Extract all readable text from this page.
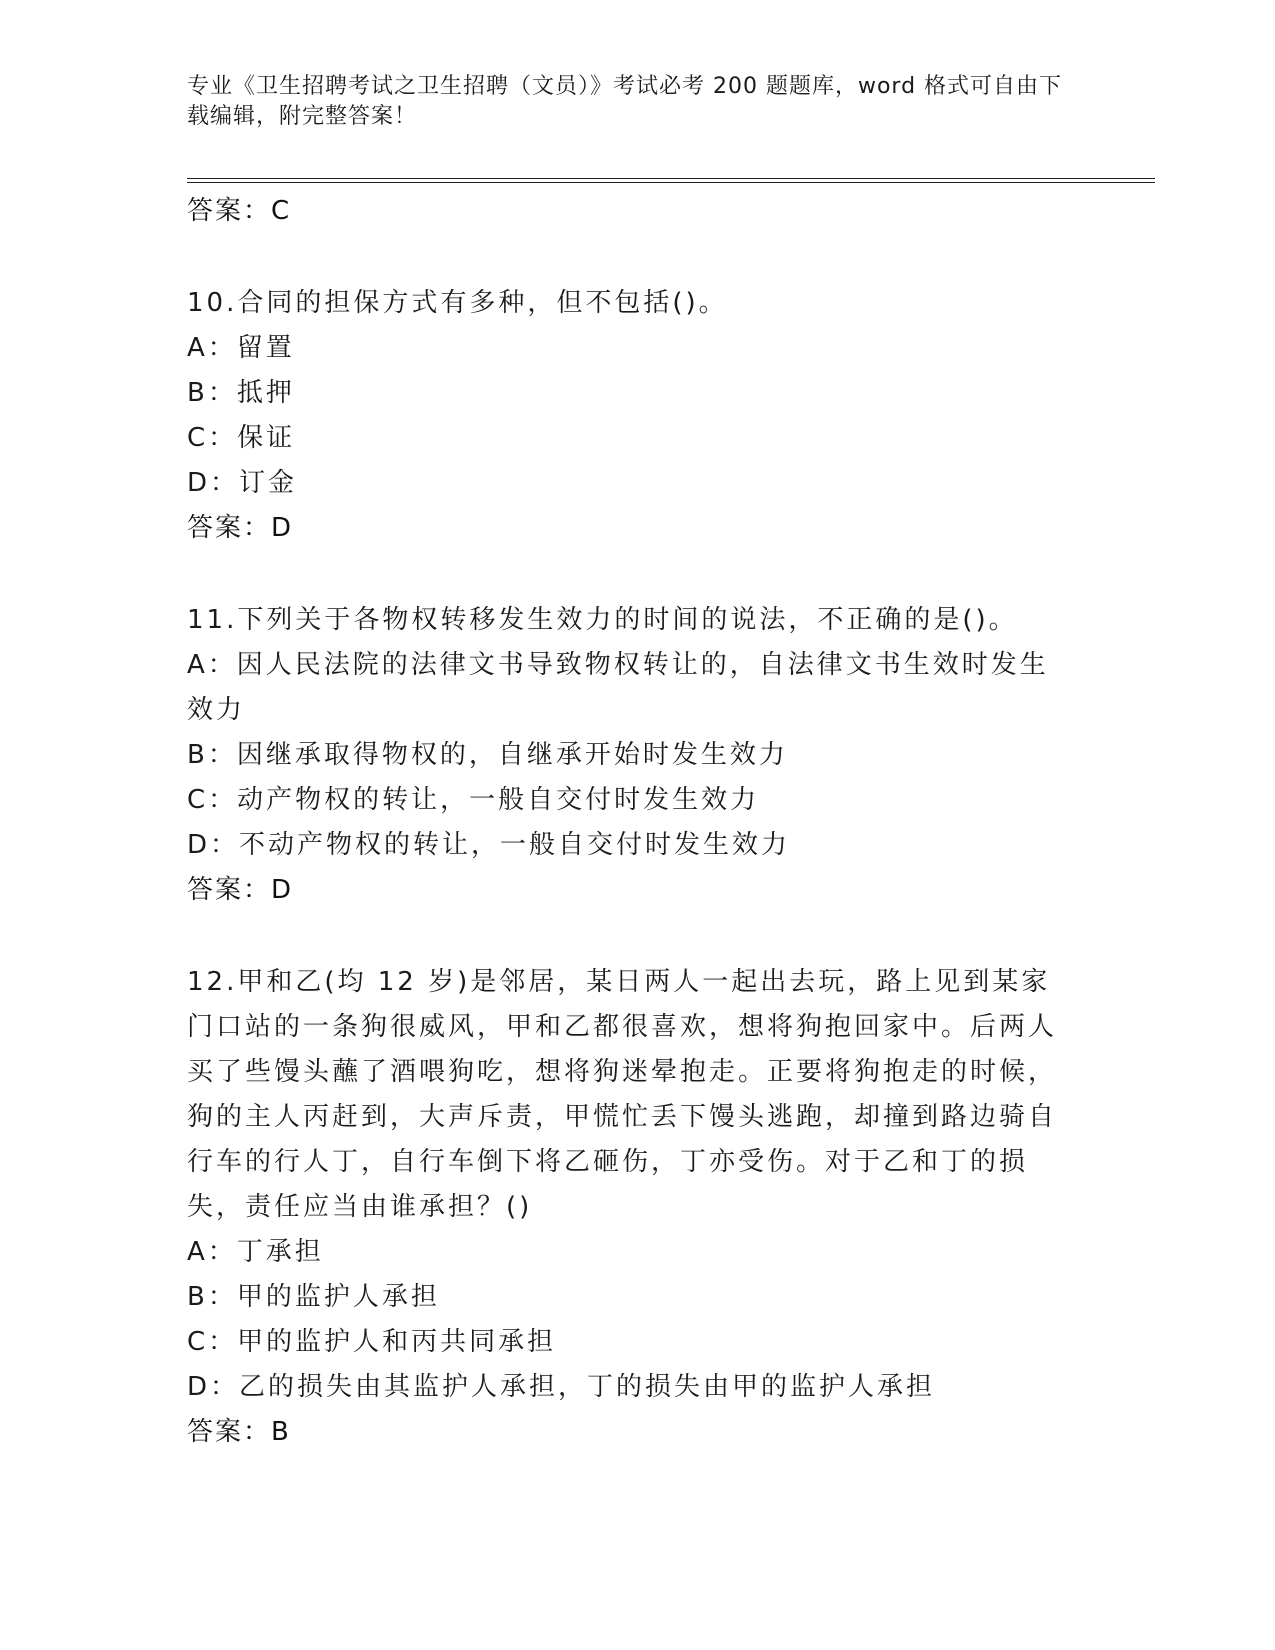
专业《卫生招聘考试之卫生招聘（文员）》考试必考 200 题题库，word 格式可自由下载编辑，附完整答案！
答案：C
10.合同的担保方式有多种，但不包括()。
A：留置
B：抵押
C：保证
D：订金
答案：D
11.下列关于各物权转移发生效力的时间的说法，不正确的是()。
A：因人民法院的法律文书导致物权转让的，自法律文书生效时发生效力
B：因继承取得物权的，自继承开始时发生效力
C：动产物权的转让，一般自交付时发生效力
D：不动产物权的转让，一般自交付时发生效力
答案：D
12.甲和乙(均 12 岁)是邻居，某日两人一起出去玩，路上见到某家门口站的一条狗很威风，甲和乙都很喜欢，想将狗抱回家中。后两人买了些馒头蘸了酒喂狗吃，想将狗迷晕抱走。正要将狗抱走的时候，狗的主人丙赶到，大声斥责，甲慌忙丢下馒头逃跑，却撞到路边骑自行车的行人丁，自行车倒下将乙砸伤，丁亦受伤。对于乙和丁的损失，责任应当由谁承担？()
A：丁承担
B：甲的监护人承担
C：甲的监护人和丙共同承担
D：乙的损失由其监护人承担，丁的损失由甲的监护人承担
答案：B
